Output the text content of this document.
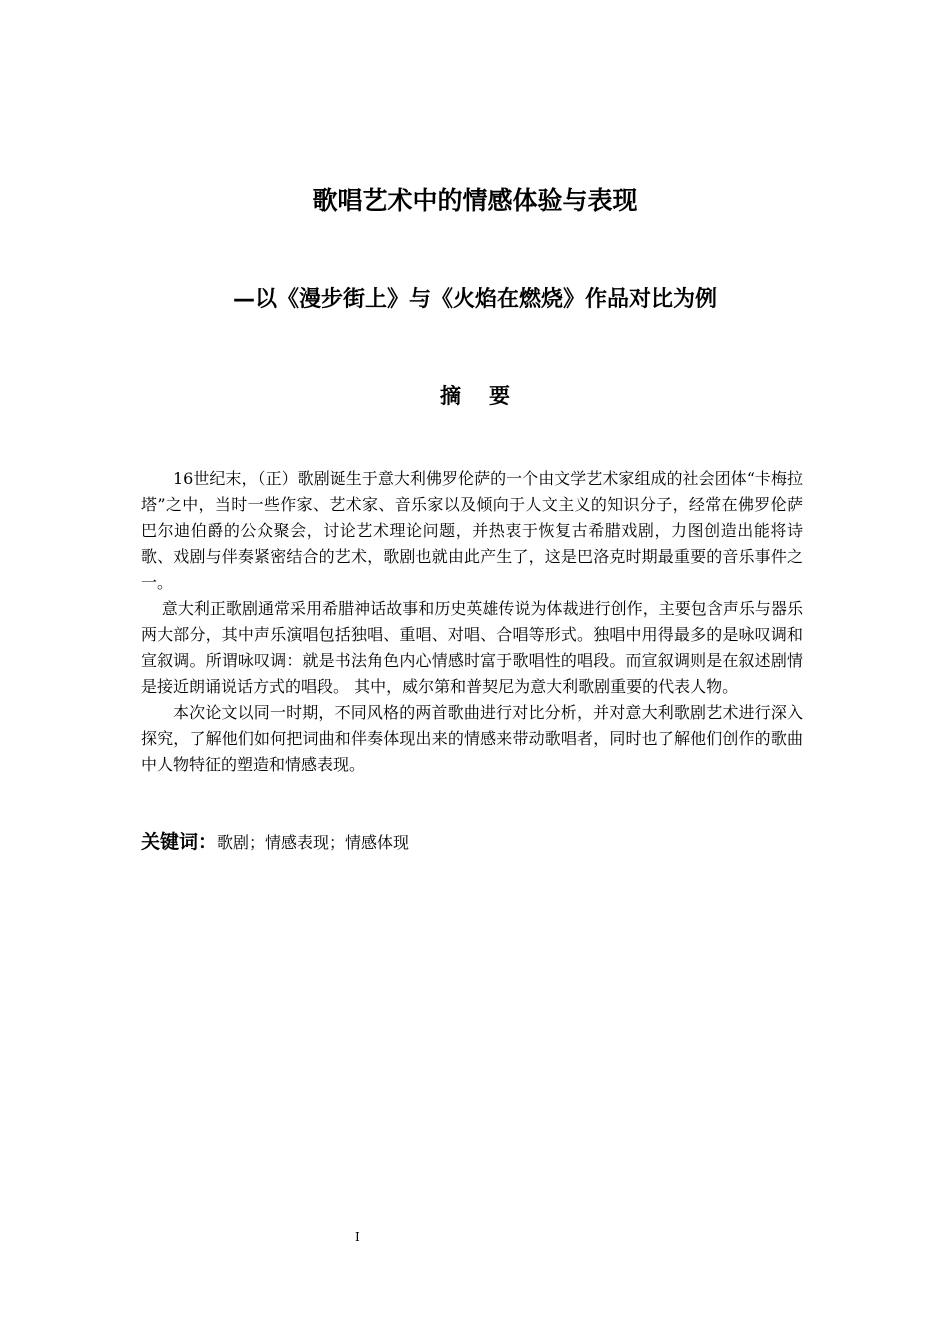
歌唱艺术中的情感体验与表现
—以《漫步街上》与《火焰在燃烧》作品对比为例
摘要

16世纪末，（正）歌剧诞生于意大利佛罗伦萨的一个由文学艺术家组成的社会团体“卡梅拉塔”之中，当时一些作家、艺术家、音乐家以及倾向于人文主义的知识分子，经常在佛罗伦萨巴尔迪伯爵的公众聚会，讨论艺术理论问题，并热衷于恢复古希腊戏剧，力图创造出能将诗歌、戏剧与伴奏紧密结合的艺术，歌剧也就由此产生了，这是巴洛克时期最重要的音乐事件之一。

意大利正歌剧通常采用希腊神话故事和历史英雄传说为体裁进行创作，主要包含声乐与器乐两大部分，其中声乐演唱包括独唱、重唱、对唱、合唱等形式。独唱中用得最多的是咏叹调和宣叙调。所谓咏叹调：就是书法角色内心情感时富于歌唱性的唱段。而宣叙调则是在叙述剧情是接近朗诵说话方式的唱段。 其中，威尔第和普契尼为意大利歌剧重要的代表人物。

本次论文以同一时期，不同风格的两首歌曲进行对比分析，并对意大利歌剧艺术进行深入探究，了解他们如何把词曲和伴奏体现出来的情感来带动歌唱者，同时也了解他们创作的歌曲中人物特征的塑造和情感表现。

关键词：歌剧；情感表现；情感体现
I
